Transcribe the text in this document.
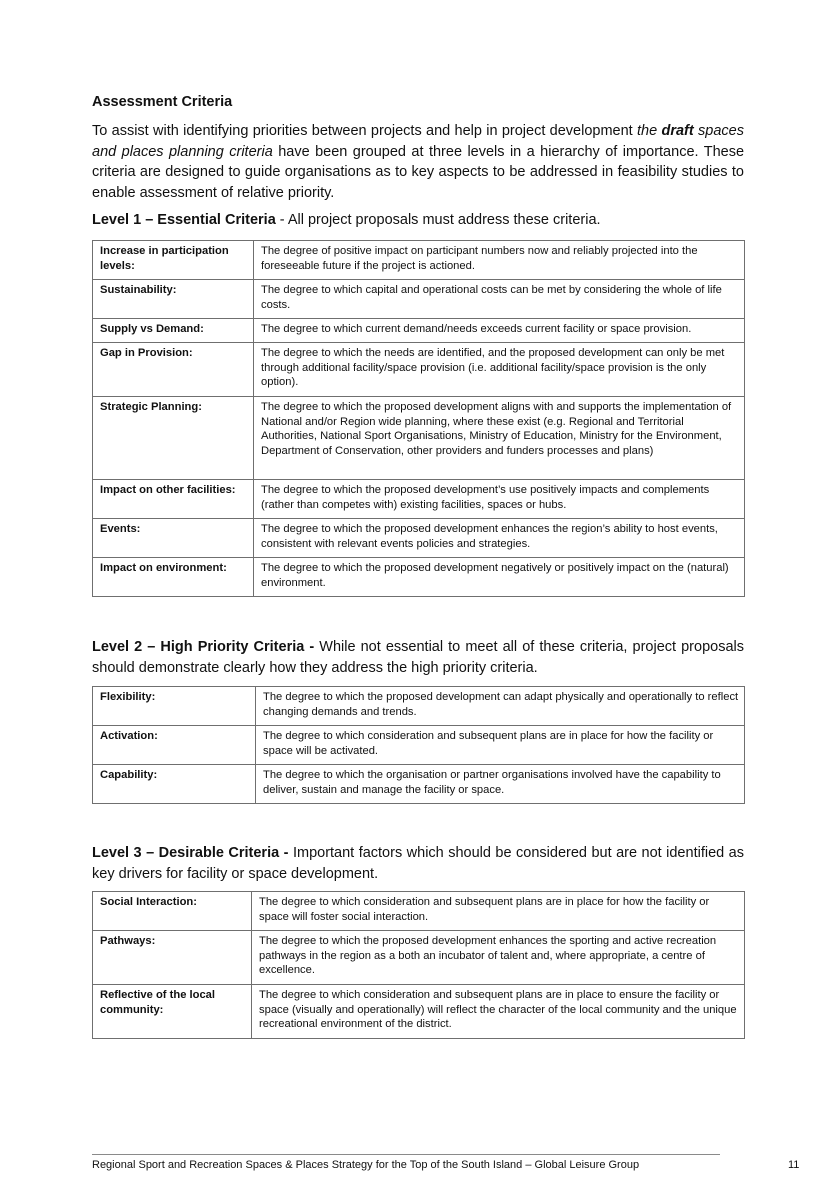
Assessment Criteria

To assist with identifying priorities between projects and help in project development the draft spaces and places planning criteria have been grouped at three levels in a hierarchy of importance. These criteria are designed to guide organisations as to key aspects to be addressed in feasibility studies to enable assessment of relative priority.

Level 1 – Essential Criteria - All project proposals must address these criteria.

Increase in participation levels:	The degree of positive impact on participant numbers now and reliably projected into the foreseeable future if the project is actioned.
Sustainability:	The degree to which capital and operational costs can be met by considering the whole of life costs.
Supply vs Demand:	The degree to which current demand/needs exceeds current facility or space provision.
Gap in Provision:	The degree to which the needs are identified, and the proposed development can only be met through additional facility/space provision (i.e. additional facility/space provision is the only option).
Strategic Planning:	The degree to which the proposed development aligns with and supports the implementation of National and/or Region wide planning, where these exist (e.g. Regional and Territorial Authorities, National Sport Organisations, Ministry of Education, Ministry for the Environment, Department of Conservation, other providers and funders processes and plans)
Impact on other facilities:	The degree to which the proposed development’s use positively impacts and complements (rather than competes with) existing facilities, spaces or hubs.
Events:	The degree to which the proposed development enhances the region’s ability to host events, consistent with relevant events policies and strategies.
Impact on environment:	The degree to which the proposed development negatively or positively impact on the (natural) environment.

Level 2 – High Priority Criteria - While not essential to meet all of these criteria, project proposals should demonstrate clearly how they address the high priority criteria.

Flexibility:	The degree to which the proposed development can adapt physically and operationally to reflect changing demands and trends.
Activation:	The degree to which consideration and subsequent plans are in place for how the facility or space will be activated.
Capability:	The degree to which the organisation or partner organisations involved have the capability to deliver, sustain and manage the facility or space.

Level 3 – Desirable Criteria - Important factors which should be considered but are not identified as key drivers for facility or space development.

Social Interaction:	The degree to which consideration and subsequent plans are in place for how the facility or space will foster social interaction.
Pathways:	The degree to which the proposed development enhances the sporting and active recreation pathways in the region as a both an incubator of talent and, where appropriate, a centre of excellence.
Reflective of the local community:	The degree to which consideration and subsequent plans are in place to ensure the facility or space (visually and operationally) will reflect the character of the local community and the unique recreational environment of the district.
Regional Sport and Recreation Spaces & Places Strategy for the Top of the South Island – Global Leisure Group	11
